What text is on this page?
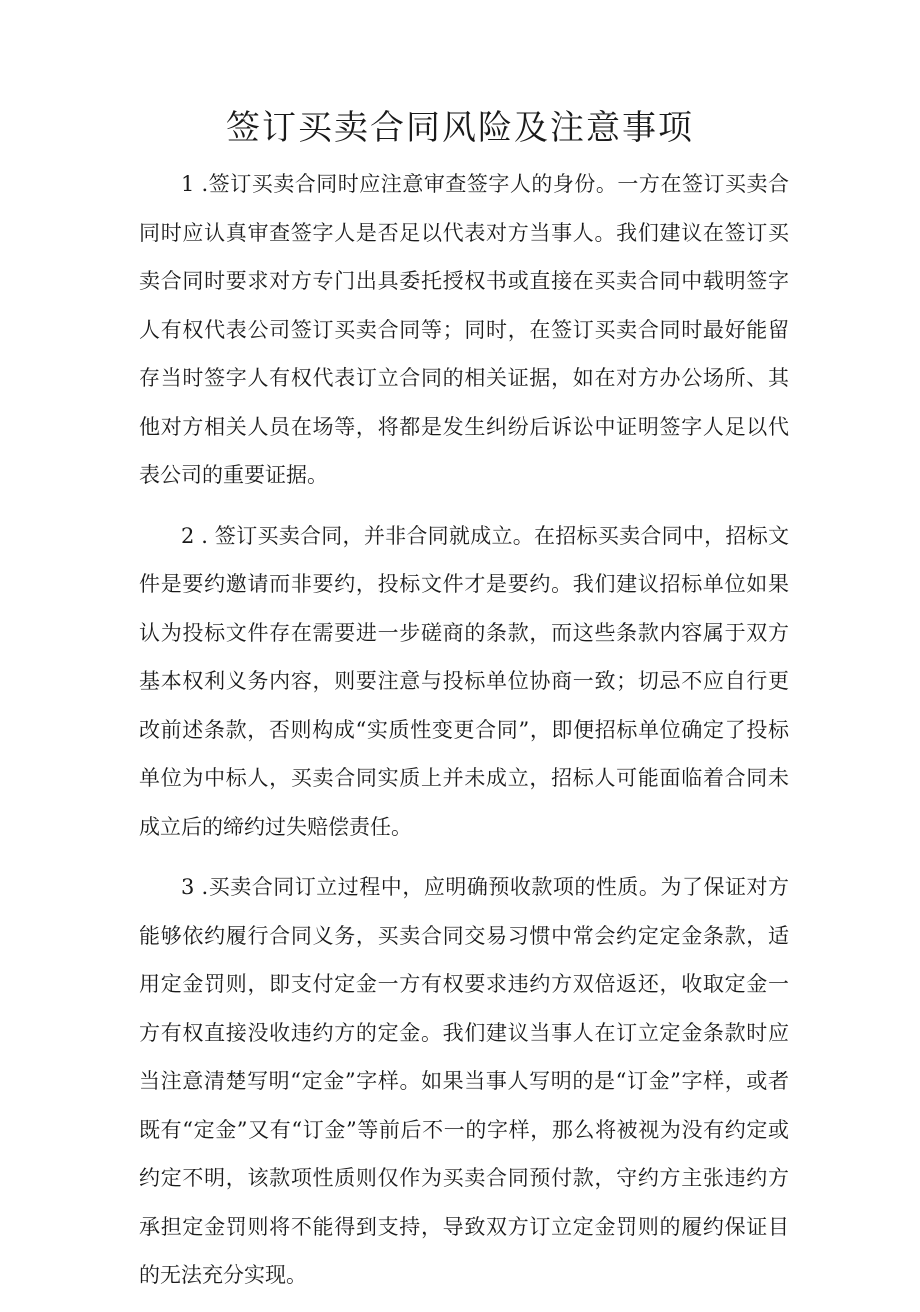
签订买卖合同风险及注意事项

1 .签订买卖合同时应注意审查签字人的身份。一方在签订买卖合同时应认真审查签字人是否足以代表对方当事人。我们建议在签订买卖合同时要求对方专门出具委托授权书或直接在买卖合同中载明签字人有权代表公司签订买卖合同等；同时，在签订买卖合同时最好能留存当时签字人有权代表订立合同的相关证据，如在对方办公场所、其他对方相关人员在场等，将都是发生纠纷后诉讼中证明签字人足以代表公司的重要证据。

2 . 签订买卖合同，并非合同就成立。在招标买卖合同中，招标文件是要约邀请而非要约，投标文件才是要约。我们建议招标单位如果认为投标文件存在需要进一步磋商的条款，而这些条款内容属于双方基本权利义务内容，则要注意与投标单位协商一致；切忌不应自行更改前述条款，否则构成“实质性变更合同”，即便招标单位确定了投标单位为中标人，买卖合同实质上并未成立，招标人可能面临着合同未成立后的缔约过失赔偿责任。

3 .买卖合同订立过程中，应明确预收款项的性质。为了保证对方能够依约履行合同义务，买卖合同交易习惯中常会约定定金条款，适用定金罚则，即支付定金一方有权要求违约方双倍返还，收取定金一方有权直接没收违约方的定金。我们建议当事人在订立定金条款时应当注意清楚写明“定金”字样。如果当事人写明的是“订金”字样，或者既有“定金”又有“订金”等前后不一的字样，那么将被视为没有约定或约定不明，该款项性质则仅作为买卖合同预付款，守约方主张违约方承担定金罚则将不能得到支持，导致双方订立定金罚则的履约保证目的无法充分实现。
